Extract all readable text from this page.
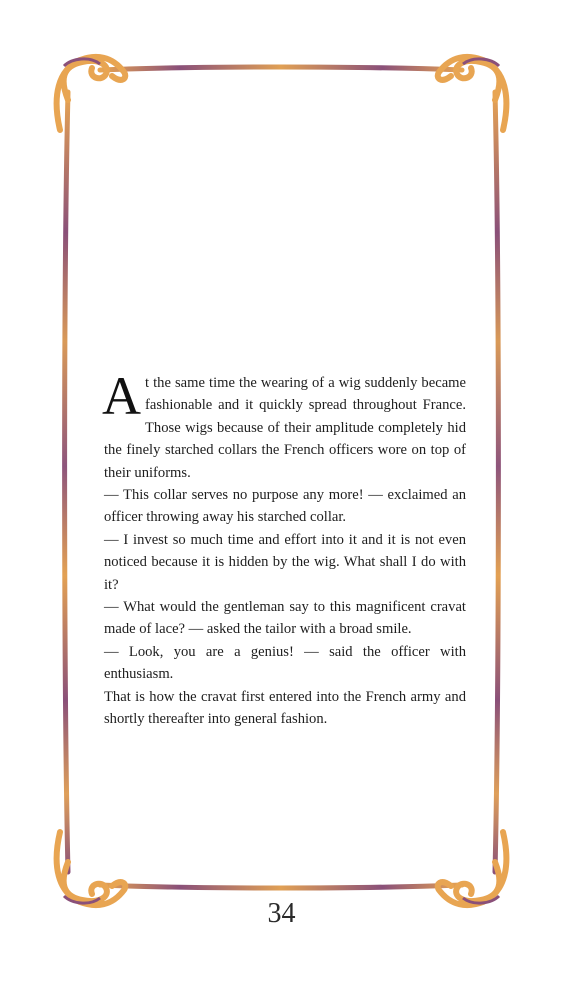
At the same time the wearing of a wig suddenly became fashionable and it quickly spread throughout France. Those wigs because of their amplitude completely hid the finely starched collars the French officers wore on top of their uniforms.

— This collar serves no purpose any more! — exclaimed an officer throwing away his starched collar.

— I invest so much time and effort into it and it is not even noticed because it is hidden by the wig. What shall I do with it?

— What would the gentleman say to this magnificent cravat made of lace? — asked the tailor with a broad smile.

— Look, you are a genius! — said the officer with enthusiasm.

That is how the cravat first entered into the French army and shortly thereafter into general fashion.

34
